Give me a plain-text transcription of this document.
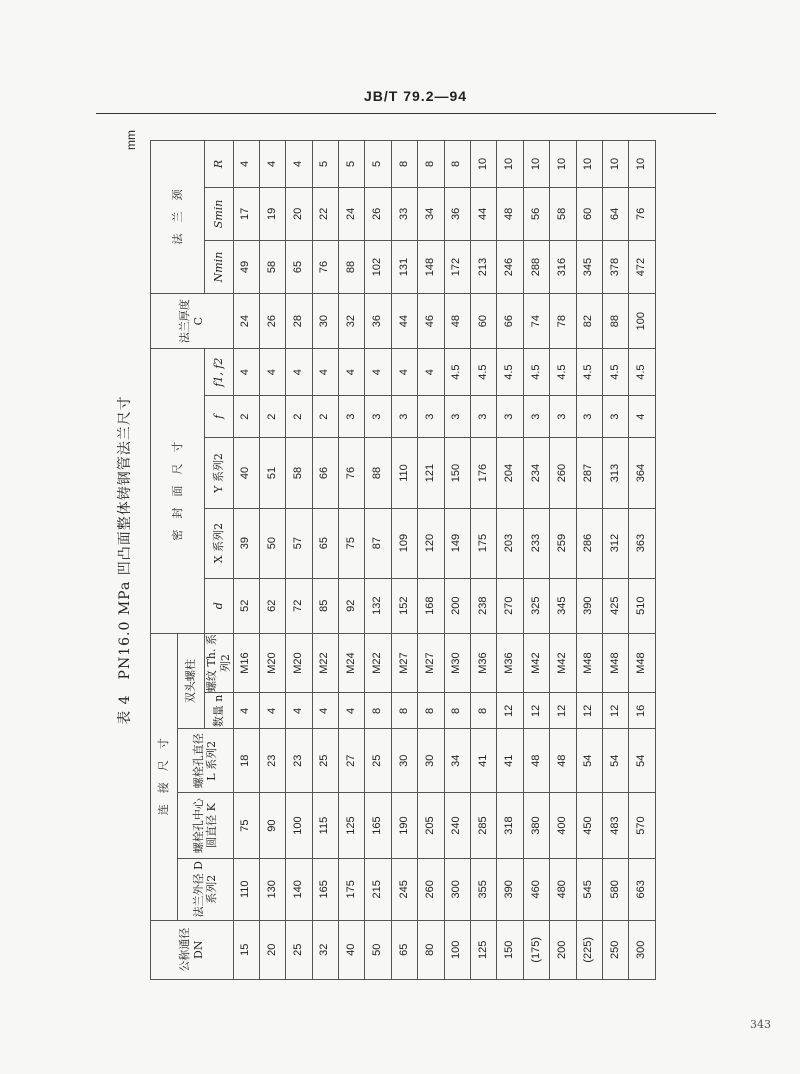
JB/T 79.2—94
表 4　PN16.0 MPa 凹凸面整体铸钢管法兰尺寸
mm
公称通径 DN	连　接　尺　寸					密　封　面　尺　寸					法兰厚度 C	法　兰　颈		
	法兰外径 D 系列2	螺栓孔中心圆直径 K	螺栓孔直径 L 系列2	双头螺柱										
				数量 n	螺纹 Th. 系列2	d	X 系列2	Y 系列2	f	f1, f2		Nmin	Smin	R
15	110	75	18	4	M16	52	39	40	2	4	24	49	17	4
20	130	90	23	4	M20	62	50	51	2	4	26	58	19	4
25	140	100	23	4	M20	72	57	58	2	4	28	65	20	4
32	165	115	25	4	M22	85	65	66	2	4	30	76	22	5
40	175	125	27	4	M24	92	75	76	3	4	32	88	24	5
50	215	165	25	8	M22	132	87	88	3	4	36	102	26	5
65	245	190	30	8	M27	152	109	110	3	4	44	131	33	8
80	260	205	30	8	M27	168	120	121	3	4	46	148	34	8
100	300	240	34	8	M30	200	149	150	3	4.5	48	172	36	8
125	355	285	41	8	M36	238	175	176	3	4.5	60	213	44	10
150	390	318	41	12	M36	270	203	204	3	4.5	66	246	48	10
(175)	460	380	48	12	M42	325	233	234	3	4.5	74	288	56	10
200	480	400	48	12	M42	345	259	260	3	4.5	78	316	58	10
(225)	545	450	54	12	M48	390	286	287	3	4.5	82	345	60	10
250	580	483	54	12	M48	425	312	313	3	4.5	88	378	64	10
300	663	570	54	16	M48	510	363	364	4	4.5	100	472	76	10
343
